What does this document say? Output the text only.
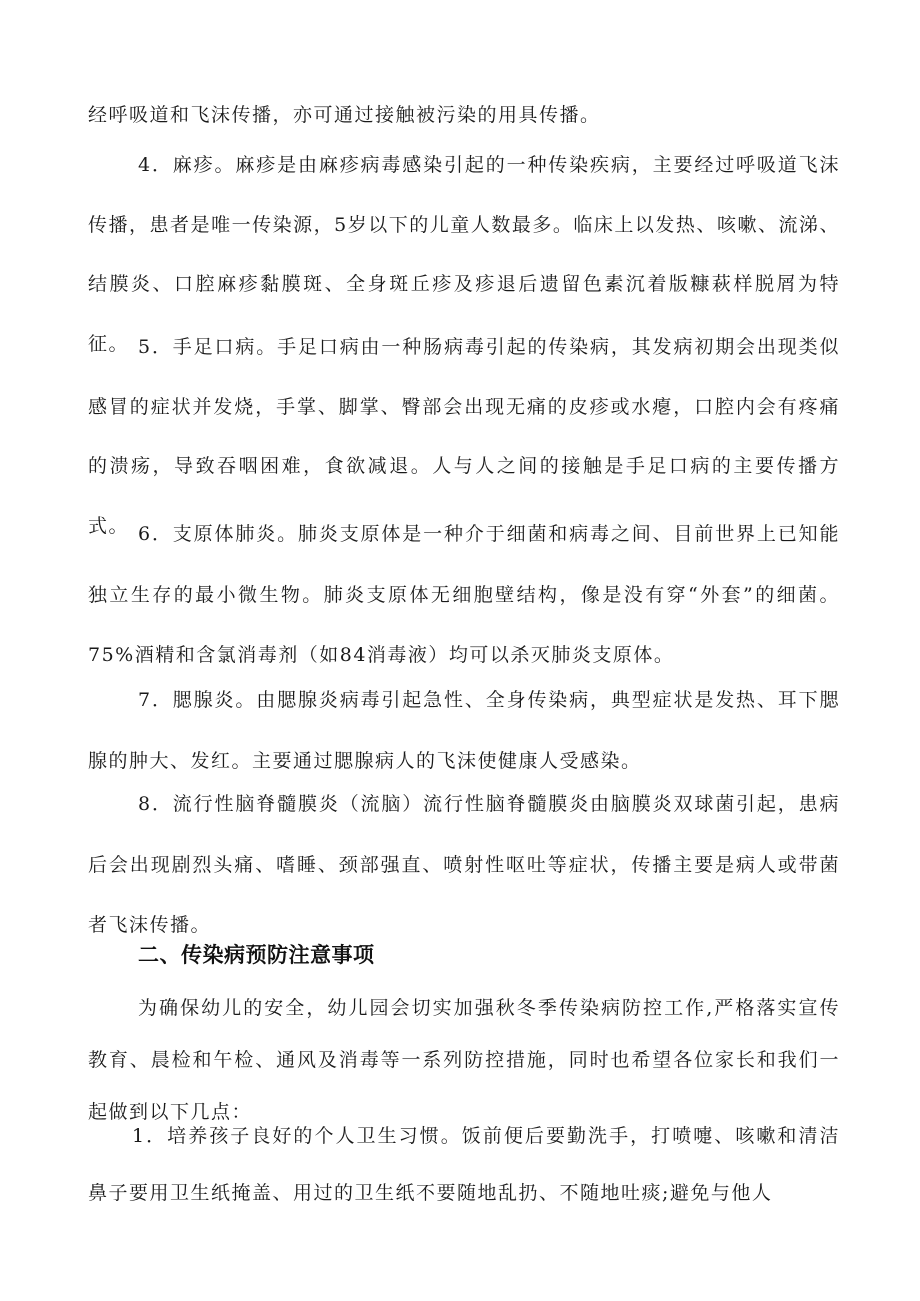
经呼吸道和飞沫传播，亦可通过接触被污染的用具传播。

4．麻疹。麻疹是由麻疹病毒感染引起的一种传染疾病，主要经过呼吸道飞沫传播，患者是唯一传染源，5岁以下的儿童人数最多。临床上以发热、咳嗽、流涕、结膜炎、口腔麻疹黏膜斑、全身斑丘疹及疹退后遗留色素沉着版糠萩样脱屑为特征。 5．手足口病。手足口病由一种肠病毒引起的传染病，其发病初期会出现类似感冒的症状并发烧，手掌、脚掌、臀部会出现无痛的皮疹或水瘪，口腔内会有疼痛的溃疡，导致吞咽困难，食欲减退。人与人之间的接触是手足口病的主要传播方式。 6．支原体肺炎。肺炎支原体是一种介于细菌和病毒之间、目前世界上已知能独立生存的最小微生物。肺炎支原体无细胞壁结构，像是没有穿“外套”的细菌。75%酒精和含氯消毒剂（如84消毒液）均可以杀灭肺炎支原体。

7．腮腺炎。由腮腺炎病毒引起急性、全身传染病，典型症状是发热、耳下腮腺的肿大、发红。主要通过腮腺病人的飞沫使健康人受感染。

8．流行性脑脊髓膜炎（流脑）流行性脑脊髓膜炎由脑膜炎双球菌引起，患病后会出现剧烈头痛、嗜睡、颈部强直、喷射性呕吐等症状，传播主要是病人或带菌者飞沫传播。

二、传染病预防注意事项

为确保幼儿的安全，幼儿园会切实加强秋冬季传染病防控工作,严格落实宣传教育、晨检和午检、通风及消毒等一系列防控措施，同时也希望各位家长和我们一起做到以下几点：

1．培养孩子良好的个人卫生习惯。饭前便后要勤洗手，打喷嚏、咳嗽和清洁鼻子要用卫生纸掩盖、用过的卫生纸不要随地乱扔、不随地吐痰;避免与他人
